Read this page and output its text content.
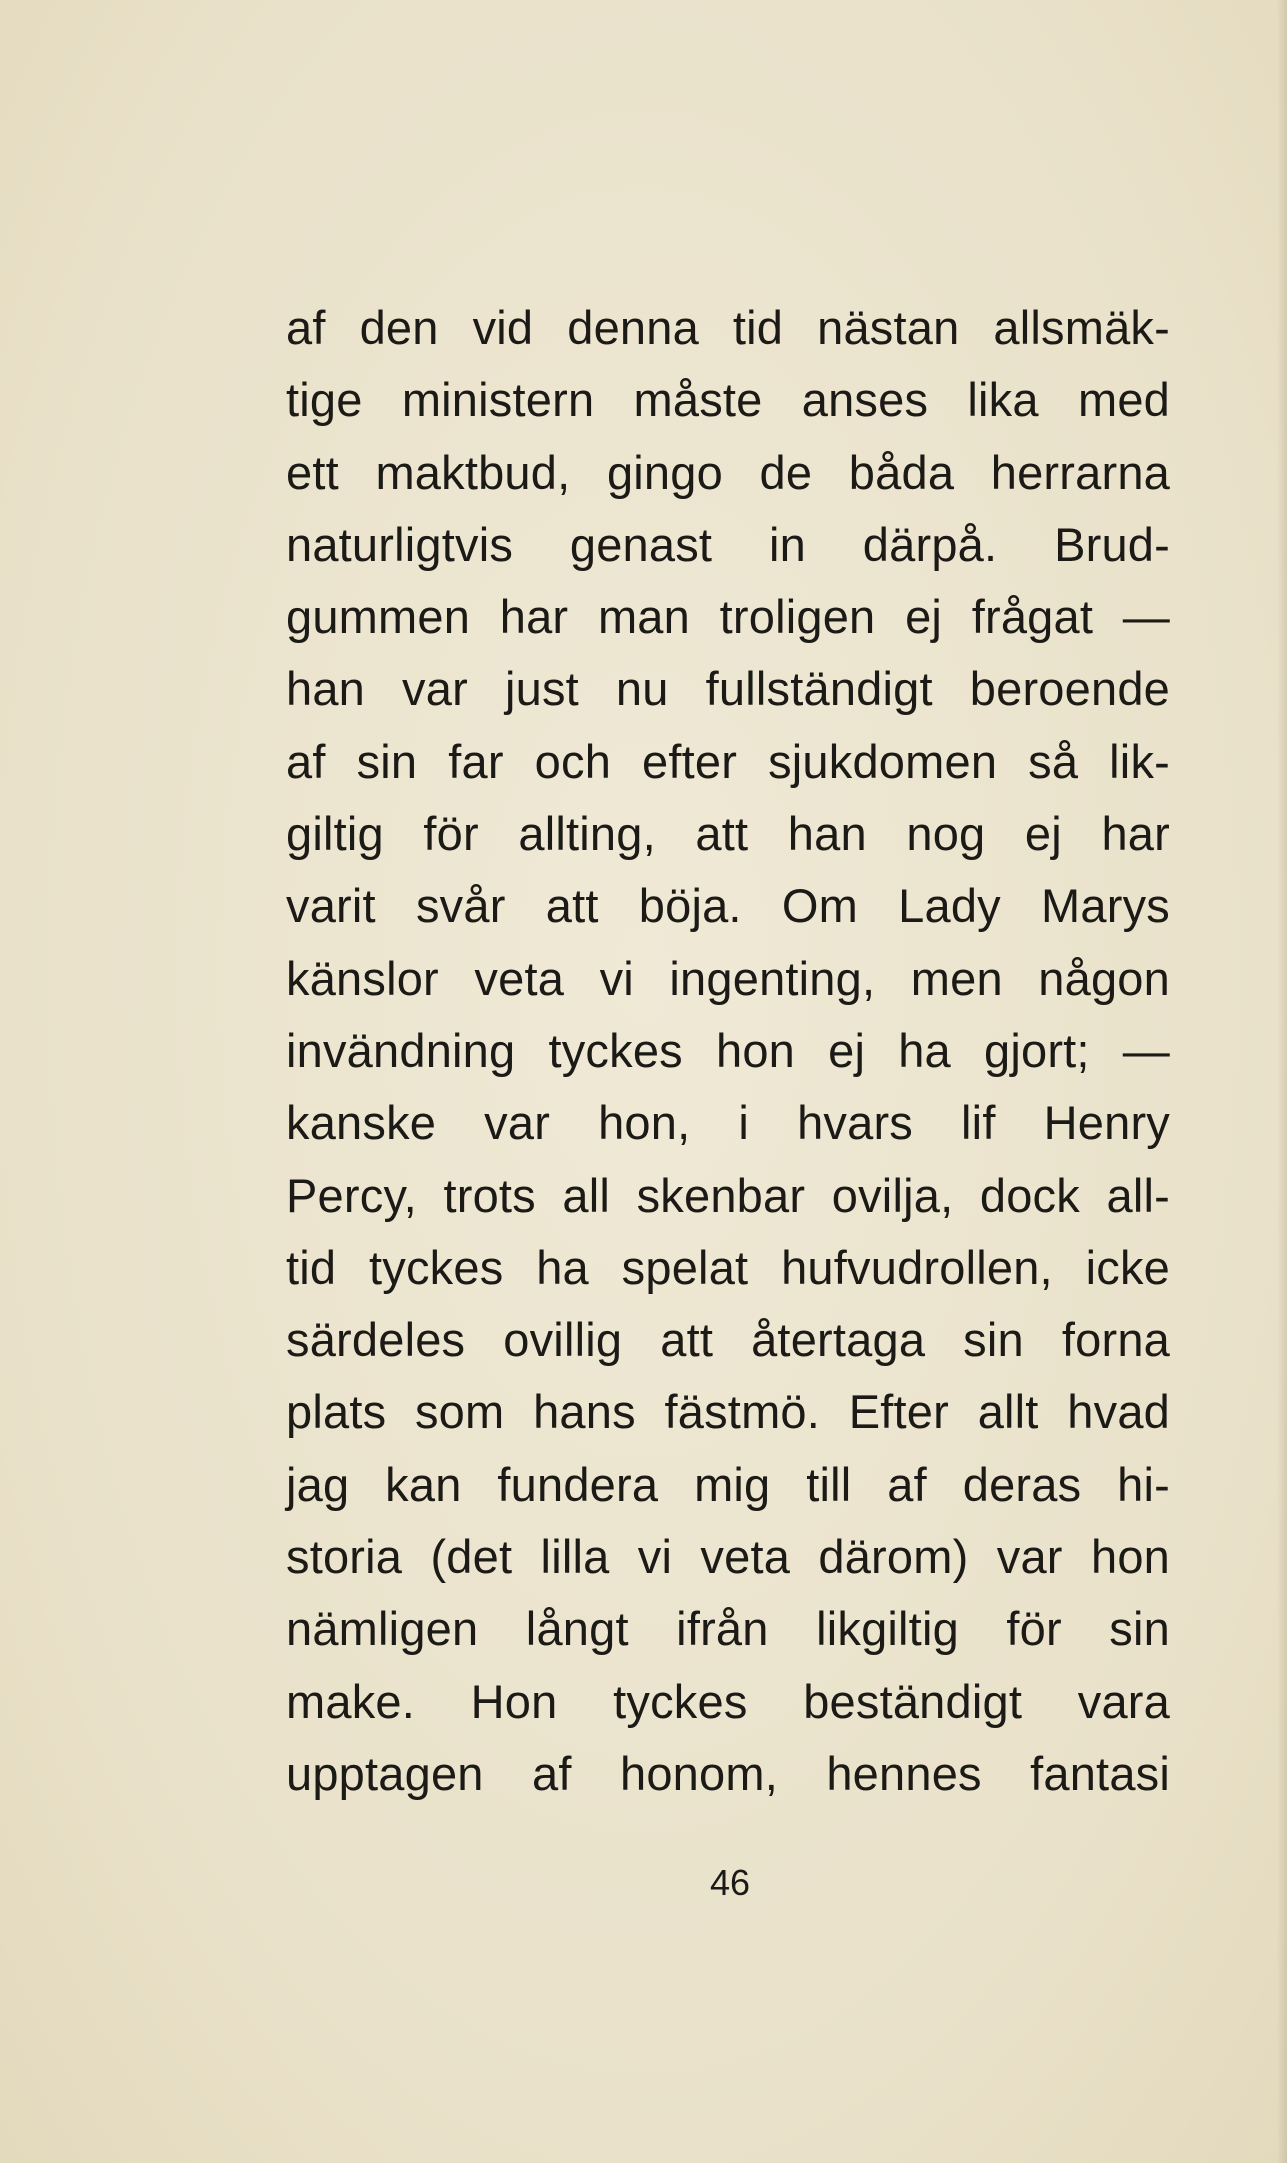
af den vid denna tid nästan allsmäk-
tige ministern måste anses lika med
ett maktbud, gingo de båda herrarna
naturligtvis genast in därpå. Brud-
gummen har man troligen ej frågat —
han var just nu fullständigt beroende
af sin far och efter sjukdomen så lik-
giltig för allting, att han nog ej har
varit svår att böja. Om Lady Marys
känslor veta vi ingenting, men någon
invändning tyckes hon ej ha gjort; —
kanske var hon, i hvars lif Henry
Percy, trots all skenbar ovilja, dock all-
tid tyckes ha spelat hufvudrollen, icke
särdeles ovillig att återtaga sin forna
plats som hans fästmö. Efter allt hvad
jag kan fundera mig till af deras hi-
storia (det lilla vi veta därom) var hon
nämligen långt ifrån likgiltig för sin
make. Hon tyckes beständigt vara
upptagen af honom, hennes fantasi
46
